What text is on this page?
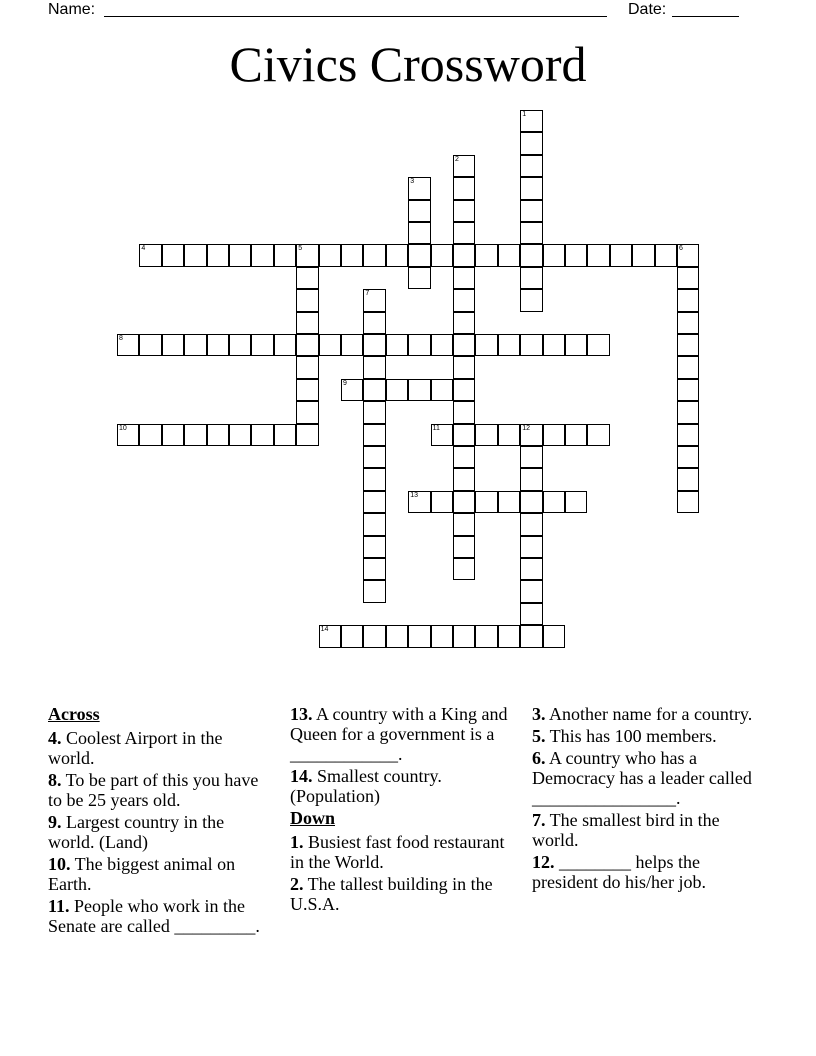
Name:	Date:
Civics Crossword
1
2
3
4	5	6
7
8
9
10	11	12
13
14
Across
4. Coolest Airport in the world.
8. To be part of this you have to be 25 years old.
9. Largest country in the world. (Land)
10. The biggest animal on Earth.
11. People who work in the Senate are called _________.
13. A country with a King and Queen for a government is a ____________.
14. Smallest country. (Population)
Down
1. Busiest fast food restaurant in the World.
2. The tallest building in the U.S.A.
3. Another name for a country.
5. This has 100 members.
6. A country who has a Democracy has a leader called ________________.
7. The smallest bird in the world.
12. ________ helps the president do his/her job.
